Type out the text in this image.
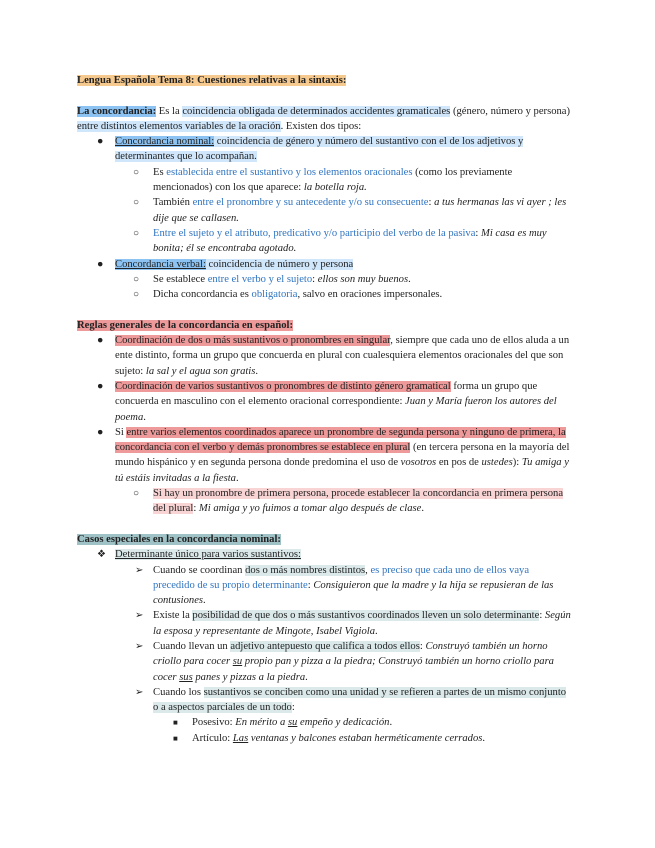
Lengua Española Tema 8: Cuestiones relativas a la sintaxis:

La concordancia: Es la coincidencia obligada de determinados accidentes gramaticales (género, número y persona) entre distintos elementos variables de la oración. Existen dos tipos:

● Concordancia nominal: coincidencia de género y número del sustantivo con el de los adjetivos y determinantes que lo acompañan.
○ Es establecida entre el sustantivo y los elementos oracionales (como los previamente mencionados) con los que aparece: la botella roja.
○ También entre el pronombre y su antecedente y/o su consecuente: a tus hermanas las vi ayer ; les dije que se callasen.
○ Entre el sujeto y el atributo, predicativo y/o participio del verbo de la pasiva: Mi casa es muy bonita; él se encontraba agotado.
● Concordancia verbal: coincidencia de número y persona
○ Se establece entre el verbo y el sujeto: ellos son muy buenos.
○ Dicha concordancia es obligatoria, salvo en oraciones impersonales.

Reglas generales de la concordancia en español:

● Coordinación de dos o más sustantivos o pronombres en singular, siempre que cada uno de ellos aluda a un ente distinto, forma un grupo que concuerda en plural con cualesquiera elementos oracionales del que son sujeto: la sal y el agua son gratis.
● Coordinación de varios sustantivos o pronombres de distinto género gramatical forma un grupo que concuerda en masculino con el elemento oracional correspondiente: Juan y María fueron los autores del poema.
● Si entre varios elementos coordinados aparece un pronombre de segunda persona y ninguno de primera, la concordancia con el verbo y demás pronombres se establece en plural (en tercera persona en la mayoría del mundo hispánico y en segunda persona donde predomina el uso de vosotros en pos de ustedes): Tu amiga y tú estáis invitadas a la fiesta.
○ Si hay un pronombre de primera persona, procede establecer la concordancia en primera persona del plural: Mi amiga y yo fuimos a tomar algo después de clase.

Casos especiales en la concordancia nominal:

❖ Determinante único para varios sustantivos:
➢ Cuando se coordinan dos o más nombres distintos, es preciso que cada uno de ellos vaya precedido de su propio determinante: Consiguieron que la madre y la hija se repusieran de las contusiones.
➢ Existe la posibilidad de que dos o más sustantivos coordinados lleven un solo determinante: Según la esposa y representante de Mingote, Isabel Vigiola.
➢ Cuando llevan un adjetivo antepuesto que califica a todos ellos: Construyó también un horno criollo para cocer su propio pan y pizza a la piedra; Construyó también un horno criollo para cocer sus panes y pizzas a la piedra.
➢ Cuando los sustantivos se conciben como una unidad y se refieren a partes de un mismo conjunto o a aspectos parciales de un todo:
■ Posesivo: En mérito a su empeño y dedicación.
■ Artículo: Las ventanas y balcones estaban herméticamente cerrados.
